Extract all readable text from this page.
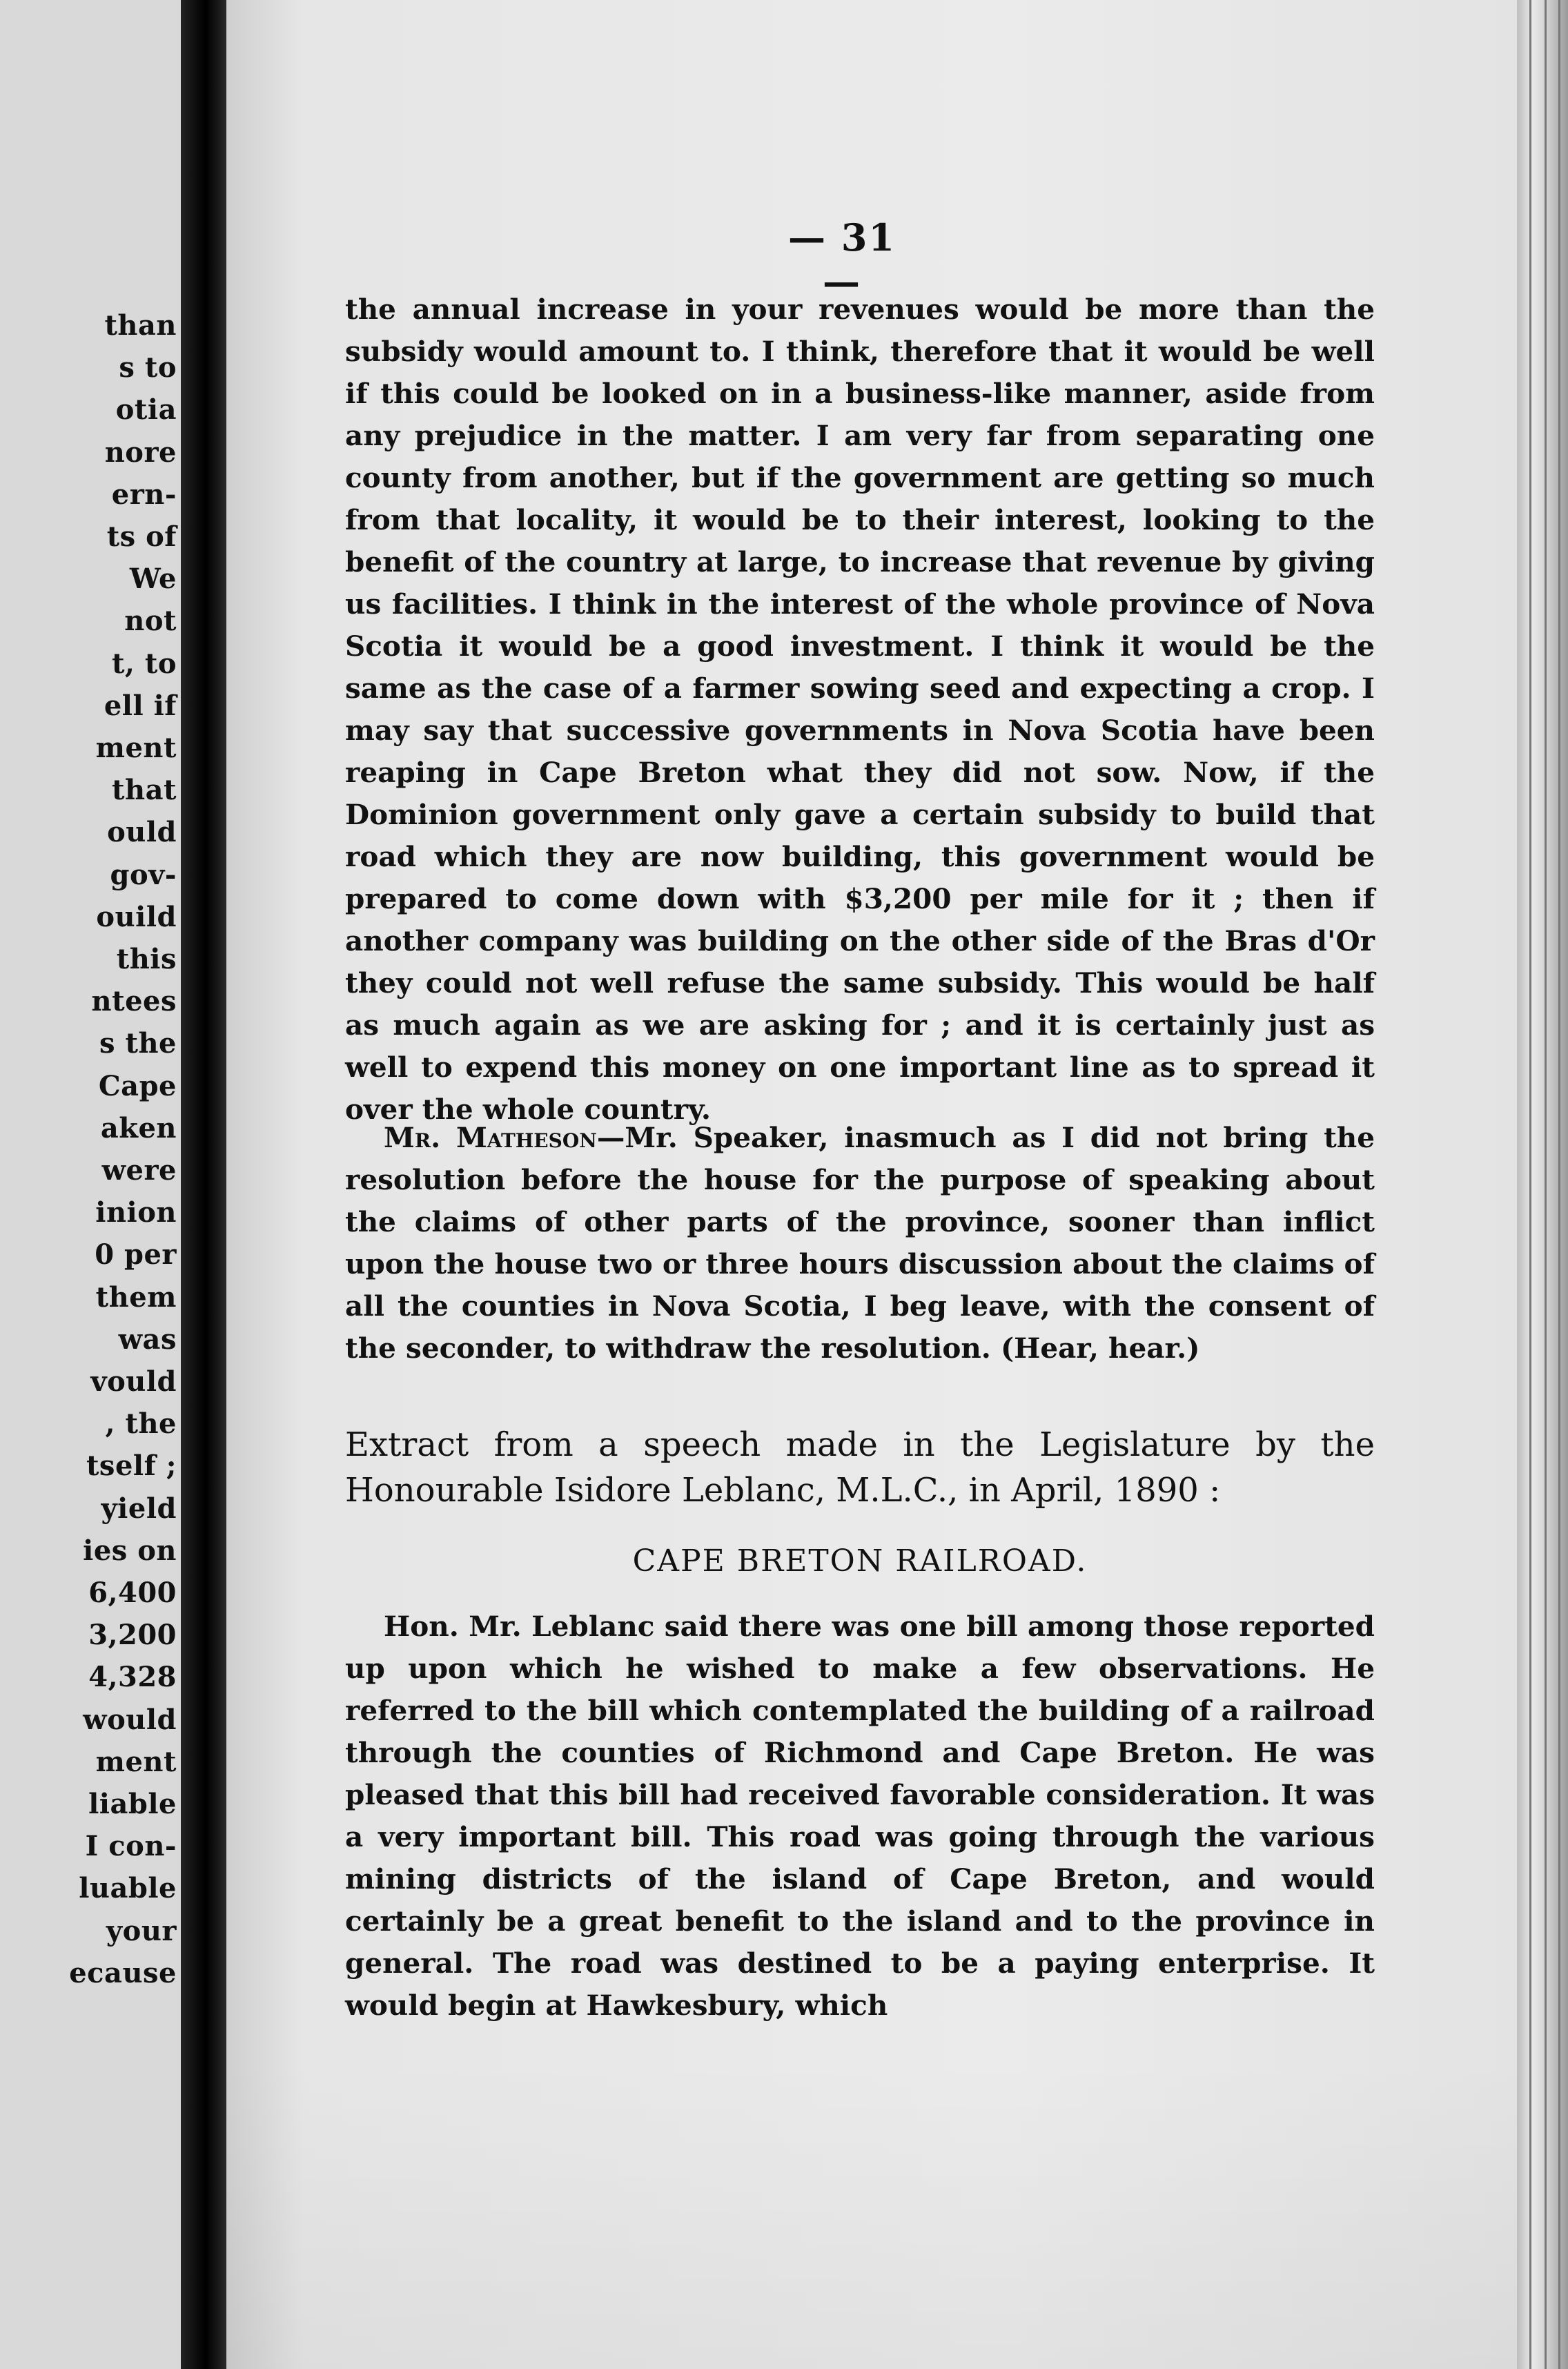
than
s to
otia
nore
ern-
ts of
We
not
t, to
ell if
ment
that
ould
gov-
ouild
this
ntees
s the
Cape
aken
were
inion
0 per
them
was
vould
, the
tself ;
yield
ies on
6,400
3,200
4,328
would
ment
liable
I con-
luable
your
ecause
— 31 —

the annual increase in your revenues would be more than the subsidy would amount to. I think, therefore that it would be well if this could be looked on in a business-like manner, aside from any prejudice in the matter. I am very far from separating one county from another, but if the government are getting so much from that locality, it would be to their interest, looking to the benefit of the country at large, to increase that revenue by giving us facilities. I think in the interest of the whole province of Nova Scotia it would be a good investment. I think it would be the same as the case of a farmer sowing seed and expecting a crop. I may say that successive governments in Nova Scotia have been reaping in Cape Breton what they did not sow. Now, if the Dominion government only gave a certain subsidy to build that road which they are now building, this government would be prepared to come down with $3,200 per mile for it ; then if another company was building on the other side of the Bras d'Or they could not well refuse the same subsidy. This would be half as much again as we are asking for ; and it is certainly just as well to expend this money on one important line as to spread it over the whole country.

Mr. Matheson—Mr. Speaker, inasmuch as I did not bring the resolution before the house for the purpose of speaking about the claims of other parts of the province, sooner than inflict upon the house two or three hours discussion about the claims of all the counties in Nova Scotia, I beg leave, with the consent of the seconder, to withdraw the resolution. (Hear, hear.)

Extract from a speech made in the Legislature by the Honourable Isidore Leblanc, M.L.C., in April, 1890 :
CAPE BRETON RAILROAD.

Hon. Mr. Leblanc said there was one bill among those reported up upon which he wished to make a few observations. He referred to the bill which contemplated the building of a railroad through the counties of Richmond and Cape Breton. He was pleased that this bill had received favorable consideration. It was a very important bill. This road was going through the various mining districts of the island of Cape Breton, and would certainly be a great benefit to the island and to the province in general. The road was destined to be a paying enterprise. It would begin at Hawkesbury, which
